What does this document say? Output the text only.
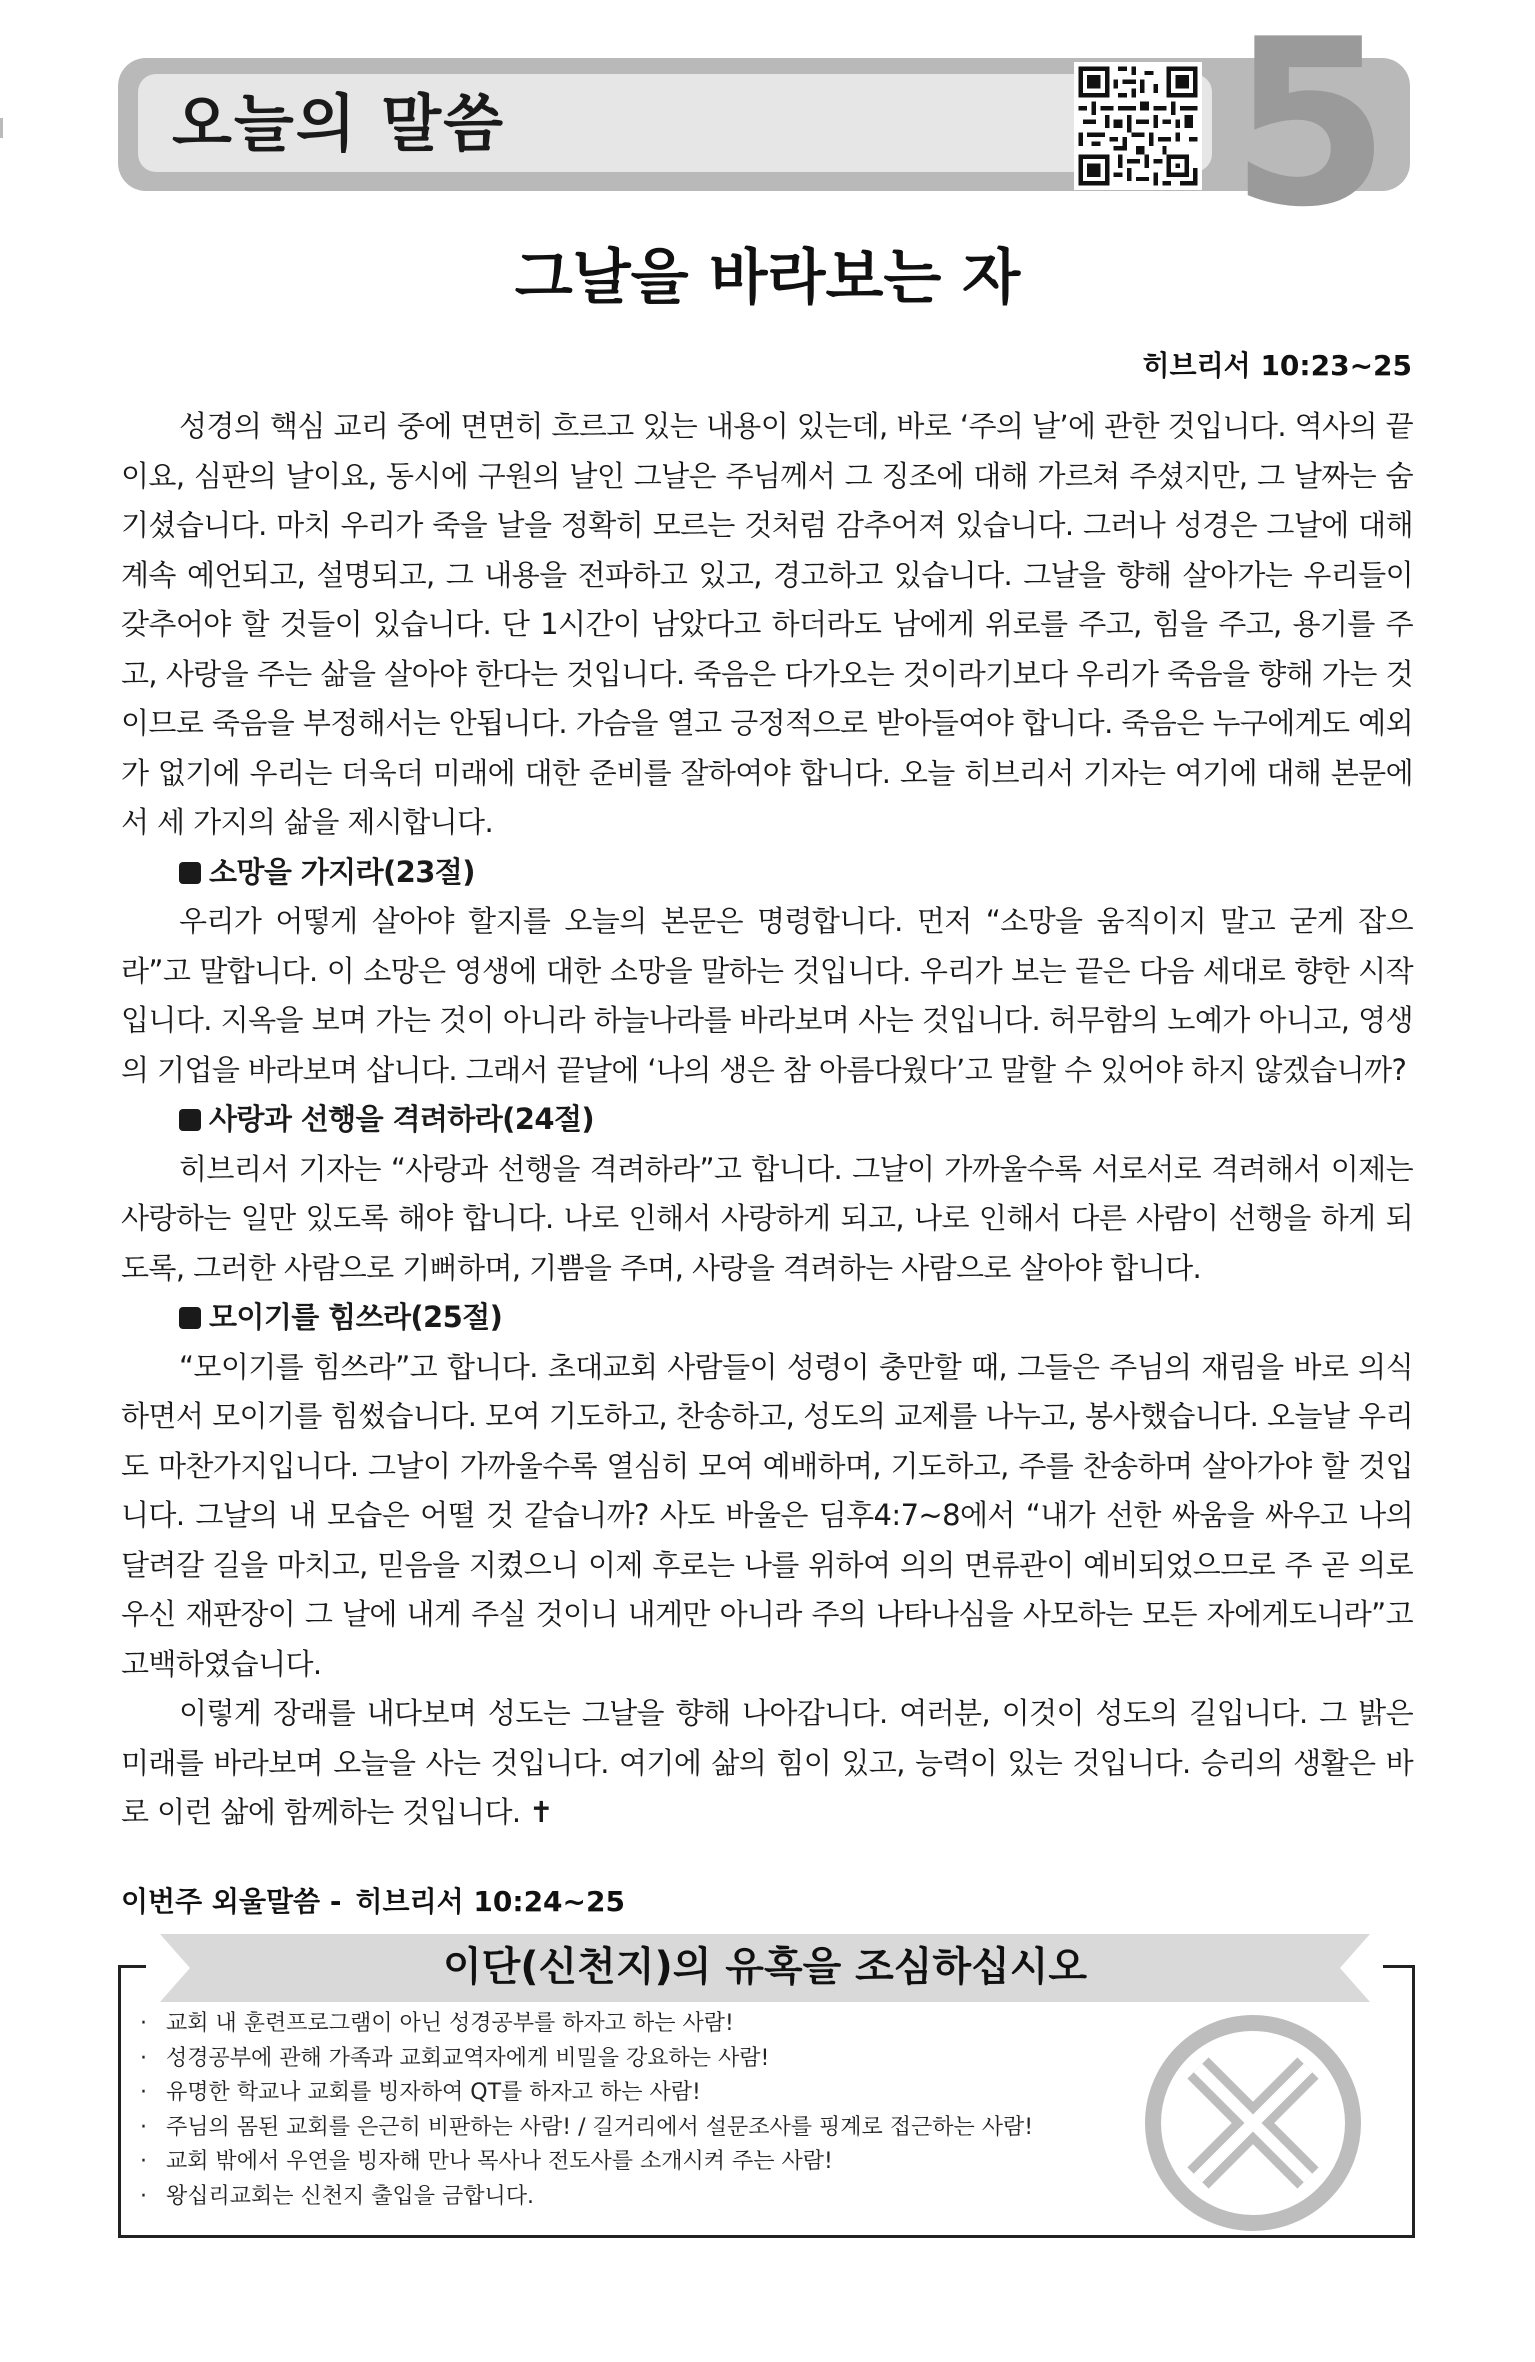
오늘의 말씀	5
그날을 바라보는 자
히브리서 10:23~25

성경의 핵심 교리 중에 면면히 흐르고 있는 내용이 있는데, 바로 ‘주의 날’에 관한 것입니다. 역사의 끝이요, 심판의 날이요, 동시에 구원의 날인 그날은 주님께서 그 징조에 대해 가르쳐 주셨지만, 그 날짜는 숨기셨습니다. 마치 우리가 죽을 날을 정확히 모르는 것처럼 감추어져 있습니다. 그러나 성경은 그날에 대해 계속 예언되고, 설명되고, 그 내용을 전파하고 있고, 경고하고 있습니다. 그날을 향해 살아가는 우리들이 갖추어야 할 것들이 있습니다. 단 1시간이 남았다고 하더라도 남에게 위로를 주고, 힘을 주고, 용기를 주고, 사랑을 주는 삶을 살아야 한다는 것입니다. 죽음은 다가오는 것이라기보다 우리가 죽음을 향해 가는 것이므로 죽음을 부정해서는 안됩니다. 가슴을 열고 긍정적으로 받아들여야 합니다. 죽음은 누구에게도 예외가 없기에 우리는 더욱더 미래에 대한 준비를 잘하여야 합니다. 오늘 히브리서 기자는 여기에 대해 본문에서 세 가지의 삶을 제시합니다.

소망을 가지라(23절)

우리가 어떻게 살아야 할지를 오늘의 본문은 명령합니다. 먼저 “소망을 움직이지 말고 굳게 잡으라”고 말합니다. 이 소망은 영생에 대한 소망을 말하는 것입니다. 우리가 보는 끝은 다음 세대로 향한 시작입니다. 지옥을 보며 가는 것이 아니라 하늘나라를 바라보며 사는 것입니다. 허무함의 노예가 아니고, 영생의 기업을 바라보며 삽니다. 그래서 끝날에 ‘나의 생은 참 아름다웠다’고 말할 수 있어야 하지 않겠습니까?

사랑과 선행을 격려하라(24절)

히브리서 기자는 “사랑과 선행을 격려하라”고 합니다. 그날이 가까울수록 서로서로 격려해서 이제는 사랑하는 일만 있도록 해야 합니다. 나로 인해서 사랑하게 되고, 나로 인해서 다른 사람이 선행을 하게 되도록, 그러한 사람으로 기뻐하며, 기쁨을 주며, 사랑을 격려하는 사람으로 살아야 합니다.

모이기를 힘쓰라(25절)

“모이기를 힘쓰라”고 합니다. 초대교회 사람들이 성령이 충만할 때, 그들은 주님의 재림을 바로 의식하면서 모이기를 힘썼습니다. 모여 기도하고, 찬송하고, 성도의 교제를 나누고, 봉사했습니다. 오늘날 우리도 마찬가지입니다. 그날이 가까울수록 열심히 모여 예배하며, 기도하고, 주를 찬송하며 살아가야 할 것입니다. 그날의 내 모습은 어떨 것 같습니까? 사도 바울은 딤후4:7~8에서 “내가 선한 싸움을 싸우고 나의 달려갈 길을 마치고, 믿음을 지켰으니 이제 후로는 나를 위하여 의의 면류관이 예비되었으므로 주 곧 의로우신 재판장이 그 날에 내게 주실 것이니 내게만 아니라 주의 나타나심을 사모하는 모든 자에게도니라”고 고백하였습니다.

이렇게 장래를 내다보며 성도는 그날을 향해 나아갑니다. 여러분, 이것이 성도의 길입니다. 그 밝은 미래를 바라보며 오늘을 사는 것입니다. 여기에 삶의 힘이 있고, 능력이 있는 것입니다. 승리의 생활은 바로 이런 삶에 함께하는 것입니다. ✝

이번주 외울말씀 - 히브리서 10:24~25
이단(신천지)의 유혹을 조심하십시오
· 교회 내 훈련프로그램이 아닌 성경공부를 하자고 하는 사람!
· 성경공부에 관해 가족과 교회교역자에게 비밀을 강요하는 사람!
· 유명한 학교나 교회를 빙자하여 QT를 하자고 하는 사람!
· 주님의 몸된 교회를 은근히 비판하는 사람! / 길거리에서 설문조사를 핑계로 접근하는 사람!
· 교회 밖에서 우연을 빙자해 만나 목사나 전도사를 소개시켜 주는 사람!
· 왕십리교회는 신천지 출입을 금합니다.
